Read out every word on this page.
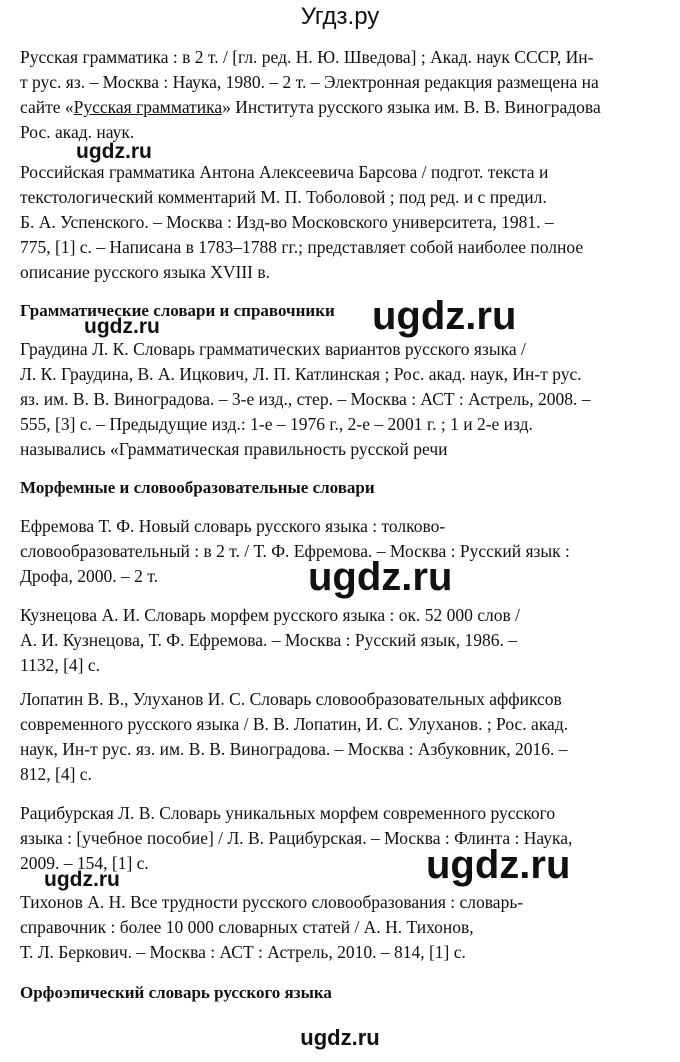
Угдз.ру
Русская грамматика : в 2 т. / [гл. ред. Н. Ю. Шведова] ; Акад. наук СССР, Ин-
т рус. яз. – Москва : Наука, 1980. – 2 т. – Электронная редакция размещена на
сайте «Русская грамматика» Института русского языка им. В. В. Виноградова
Рос. акад. наук.
Российская грамматика Антона Алексеевича Барсова / подгот. текста и
текстологический комментарий М. П. Тоболовой ; под ред. и с предил.
Б. А. Успенского. – Москва : Изд-во Московского университета, 1981. –
775, [1] с. – Написана в 1783–1788 гг.; представляет собой наиболее полное
описание русского языка XVIII в.
Грамматические словари и справочники
Граудина Л. К. Словарь грамматических вариантов русского языка /
Л. К. Граудина, В. А. Ицкович, Л. П. Катлинская ; Рос. акад. наук, Ин-т рус.
яз. им. В. В. Виноградова. – 3-е изд., стер. – Москва : АСТ : Астрель, 2008. –
555, [3] с. – Предыдущие изд.: 1-е – 1976 г., 2-е – 2001 г. ; 1 и 2-е изд.
назывались «Грамматическая правильность русской речи
Морфемные и словообразовательные словари
Ефремова Т. Ф. Новый словарь русского языка : толково-
словообразовательный : в 2 т. / Т. Ф. Ефремова. – Москва : Русский язык :
Дрофа, 2000. – 2 т.
Кузнецова А. И. Словарь морфем русского языка : ок. 52 000 слов /
А. И. Кузнецова, Т. Ф. Ефремова. – Москва : Русский язык, 1986. –
1132, [4] с.
Лопатин В. В., Улуханов И. С. Словарь словообразовательных аффиксов
современного русского языка / В. В. Лопатин, И. С. Улуханов. ; Рос. акад.
наук, Ин-т рус. яз. им. В. В. Виноградова. – Москва : Азбуковник, 2016. –
812, [4] с.
Рацибурская Л. В. Словарь уникальных морфем современного русского
языка : [учебное пособие] / Л. В. Рацибурская. – Москва : Флинта : Наука,
2009. – 154, [1] с.
Тихонов А. Н. Все трудности русского словообразования : словарь-
справочник : более 10 000 словарных статей / А. Н. Тихонов,
Т. Л. Беркович. – Москва : АСТ : Астрель, 2010. – 814, [1] с.
Орфоэпический словарь русского языка
ugdz.ru
ugdz.ru
ugdz.ru
ugdz.ru
ugdz.ru
ugdz.ru
ugdz.ru
